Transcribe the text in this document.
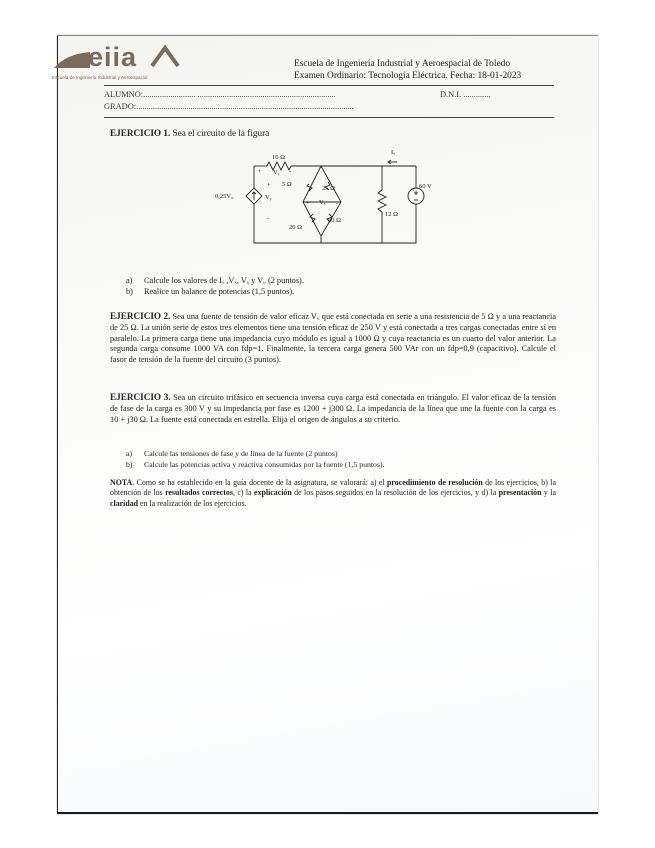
eiia
Escuela de Ingeniería Industrial y Aeroespacial
Escuela de Ingeniería Industrial y Aeroespacial de Toledo
Examen Ordinario: Tecnología Eléctrica. Fecha: 18-01-2023
ALUMNO:......................... ..................................................................	D.N.I. .............
GRADO:........................................................................................................
EJERCICIO 1. Sea el circuito de la figura
10 Ω
5 Ω
25 Ω
20 Ω
50 Ω
12 Ω
0,25Vᵤ	Vᵧ
60 V
Iₓ
Vᵧ
Vₓ
+	-
+
-
+	-
+
-
a) Calcule los valores de Iₓ ,Vₓ, Vᵧ y Vᵤ (2 puntos).
b) Realice un balance de potencias (1,5 puntos).
EJERCICIO 2. Sea una fuente de tensión de valor eficaz Vᵤ que está conectada en serie a una resistencia de 5 Ω y a una reactancia de 25 Ω. La unión serie de estos tres elementos tiene una tensión eficaz de 250 V y está conectada a tres cargas conectadas entre sí en paralelo. La primera carga tiene una impedancia cuyo módulo es igual a 1000 Ω y cuya reactancia es un cuarto del valor anterior. La segunda carga consume 1000 VA con fdp=1. Finalmente, la tercera carga genera 500 VAr con un fdp=0,9 (capacitivo). Calcule el fasor de tensión de la fuente del circuito (3 puntos).
EJERCICIO 3. Sea un circuito trifásico en secuencia inversa cuya carga está conectada en triángulo. El valor eficaz de la tensión de fase de la carga es 300 V y su impedancia por fase es 1200 + j300 Ω. La impedancia de la línea que une la fuente con la carga es 10 + j30 Ω. La fuente está conectada en estrella. Elija el origen de ángulos a su criterio.
a) Calcule las tensiones de fase y de línea de la fuente (2 puntos)
b) Calcule las potencias activa y reactiva consumidas por la fuente (1,5 puntos).
NOTA. Como se ha establecido en la guía docente de la asignatura, se valorará: a) el procedimiento de resolución de los ejercicios, b) la obtención de los resultados correctos, c) la explicación de los pasos seguidos en la resolución de los ejercicios, y d) la presentación y la claridad en la realización de los ejercicios.
